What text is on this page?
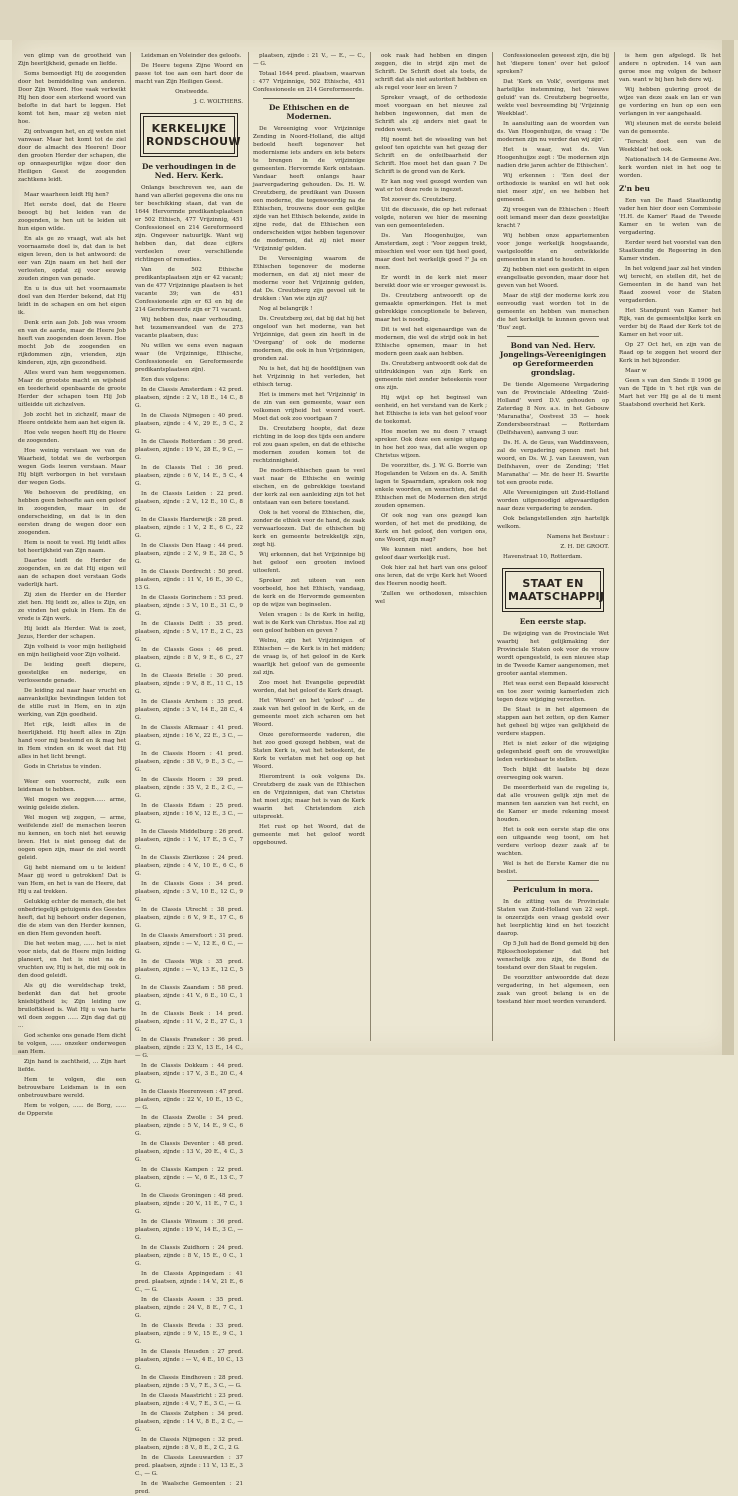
ven glimp van de grootheid van Zijn heerlijkheid, genade en liefde.

Soms bemoedigt Hij de zoogenden door het bemiddeling van anderen. Door Zijn Woord. Hoe vaak verkwikt Hij hen door een sterkend woord van belofte in dat hart te leggen. Het komt tot hen, maar zij weten niet hoe.

Zij ontvangen het, en zij weten niet vanwaar. Maar het komt tot de ziel door de almacht des Heeren! Door den grooten Herder der schapen, die op onnaspeurlijke wijze door den Heiligen Geest de zoogenden zachtkens leidt.

Maar waarheen leidt Hij hen?

Het eerste doel, dat de Heere beoogt bij het leiden van de zoogenden, is hen uit te leiden uit hun eigen wilde.

En als ge zo vraagt, wat als het voornaamste doel is, dat dan is het eigen leven, den is het antwoord: de eer van Zijn naam en het heil der verlosten, opdat zij voor eeuwig zouden zingen van genade.

En u is dus uit het voornaamste doel van den Herder bekend, dat Hij leidt in de schapen en om het eigen ik.

Denk erin aan Job. Job was vroom en van de aarde, maar de Heere Job heeft van zoogenden doen leven. Hoe mocht Job de zoogenden en rijkdommen zijn, vrienden, zijn kinderen, zijn, zijn gezondheid.

Alles werd van hem weggenomen. Maar de grootste macht en wijsheid en teederheid openbaarde de groote Herder der schapen toen Hij Job uitleidde uit zichzelven.

Job zocht het in zichzelf, maar de Heere ontdekte hem aan het eigen ik.

Hoe vele wegen heeft Hij de Heere de zoogenden.

Hoe weinig verstaan we van de Waarheid, totdat we de verborgen wegen Gods leeren verstaan. Maar Hij blijft verborgen in het verstaan der wegen Gods.

We behoeven de prediking, en hebben geen behoefte aan een geloof in zoogenden, maar in de onderscheiding, en dat is in den eersten drang de wegen door een zoogenden.

Hem is nooit te veel. Hij leidt alles tot heerlijkheid van Zijn naam.

Daartoe leidt de Herder de zoogenden, en ze dat Hij eigen wil aan de schapen doet verstaan Gods vaderlijk hart.

Zij zien de Herder en de Herder ziet hen. Hij leidt ze, alles is Zijn, en ze vinden het geluk in Hem. En de vrede is Zijn werk.

Hij leidt als Herder. Wat is zoet, Jezus, Herder der schapen.

Zijn volheid is voor mijn heiligheid en mijn heiligheid voor Zijn volheid.

De leiding geeft diepere, geestelijke en nederige, en verlossende genade.

De leiding zal naar haar vrucht en aanvankelijke bevindingen leiden tot de stille rust in Hem, en in zijn werking, van Zijn goedheid.

Het rijk, leidt alles in de heerlijkheid. Hij heeft alles in Zijn hand voor mij bestemd en ik mag het in Hem vinden en ik weet dat Hij alles in het licht brengt.

Gods in Christus te vinden.

Weer een voorrecht, zulk een leidsman te hebben.

Wel mogen we zeggen...... arme, weinig geleide zielen.

Wel mogen wij zeggen, — arme, weifelende ziel! de menschen leeren nu kennen, en toch niet het eeuwig leven. Het is niet genoeg dat de oogen open zijn, maar de ziel wordt geleid.

Gij hebt niemand om u te leiden! Maar gij word u getrokken! Dat is van Hem, en het is van de Heere, dat Hij u zal trekken.

Gelukkig echter de mensch, die het onbedriegelijk getuigenis des Geestes heeft, dat hij behoort onder degenen, die de stem van den Herder kennen, en dien Hem gevonden heeft.

Die het weten mag, ...... het is niet voor niets, dat de Heere mijn leiding planeert, en het is niet na de vruchten uw, Hij is het, die mij ook in den dood geleidt.

Als gij die wereldschap trekt, bedenkt dan dat het groote knieblijdheid is; Zijn leiding uw bruiloftkleed is. Wat Hij u van harte wil doen zeggen ...... Zijn dag dat gij ...

God schenke ons genade Hem dicht te volgen, ...... onzeker onderwegen aan Hem.

Zijn hand is zachtheid, ... Zijn hart liefde.

Hem te volgen, die een betrouwbare Leidsman is in een onbetrouwbare wereld.

Hem te volgen, ...... de Borg, ...... de Opperste

Leidsman en Voleinder des geloofs.

De Heere tegens Zijne Woord en passe tot toe aan een hart door de macht van Zijn Heiligen Geest.

Onstwedde.

J. C. WOLTHERS.

KERKELIJKE
RONDSCHOUW
De verhoudingen in de Ned. Herv. Kerk.

Onlangs beschreven we, aan de hand van allerlei gegevens die ons nu ter beschikking staan, dat van de 1644 Hervormde predikantsplaatsen er 502 Ethisch, 477 Vrijzinnig, 451 Confessioneel en 214 Gereformeerd zijn. Ongeveer natuurlijk. Want wij hebben dan, dat deze cijfers verdeelen over verschillende richtingen of remedies.

Van de 502 Ethische predikantsplaatsen zijn er 42 vacant; van de 477 Vrijzinnige plaatsen is het vacante 39; van de 451 Confessioneele zijn er 63 en bij de 214 Gereformeerde zijn er 71 vacant.

Wij hebben dus, naar verhouding, het tezamenvandeel van de 273 vacante plaatsen, dus:

Nu willen we eens even nagaan waar (de Vrijzinnige, Ethische, Confessioneele en Gereformeerde predikantsplaatsen zijn).

Een dus volgens:

In de Classis Amsterdam : 42 pred. plaatsen, zijnde : 2 V., 18 E., 14 C., 8 G.

In de Classis Nijmegen : 40 pred. plaatsen, zijnde : 4 V., 29 E., 5 C., 2 G.

In de Classis Rotterdam : 36 pred. plaatsen, zijnde : 19 V., 28 E., 9 C., — G.

In de Classis Tiel : 36 pred. plaatsen, zijnde : 6 V., 14 E., 5 C., 4 G.

In de Classis Leiden : 22 pred. plaatsen, zijnde : 2 V., 12 E., 10 C., 8 G.

In de Classis Harderwijk : 28 pred. plaatsen, zijnde : 1 V., 2 E., 6 C., 22 G.

In de Classis Den Haag : 44 pred. plaatsen, zijnde : 2 V., 9 E., 28 C., 5 G.

In de Classis Dordrecht : 50 pred. plaatsen, zijnde : 11 V., 16 E., 30 C., 13 G.

In de Classis Gorinchem : 53 pred. plaatsen, zijnde : 3 V., 10 E., 31 C., 9 G.

In de Classis Delft : 35 pred. plaatsen, zijnde : 5 V., 17 E., 2 C., 23 G.

In de Classis Goes : 46 pred. plaatsen, zijnde : 8 V., 9 E., 6 C., 27 G.

In de Classis Brielle : 30 pred. plaatsen, zijnde : 9 V., 8 E., 11 C., 15 G.

In de Classis Arnhem : 35 pred. plaatsen, zijnde : 3 V., 14 E., 28 C., 4 G.

In de Classis Alkmaar : 41 pred. plaatsen, zijnde : 16 V., 22 E., 3 C., — G.

In de Classis Hoorn : 41 pred. plaatsen, zijnde : 38 V., 9 E., 3 C., — G.

In de Classis Hoorn : 39 pred. plaatsen, zijnde : 35 V., 2 E., 2 C., — G.

In de Classis Edam : 25 pred. plaatsen, zijnde : 16 V., 12 E., 3 C., — G.

In de Classis Middelburg : 26 pred. plaatsen, zijnde : 1 V., 17 E., 5 C., 7 G.

In de Classis Zierikzee : 24 pred. plaatsen, zijnde : 4 V., 10 E., 6 C., 6 G.

In de Classis Goes : 34 pred. plaatsen, zijnde : 3 V., 10 E., 12 C., 9 G.

In de Classis Utrecht : 38 pred. plaatsen, zijnde : 6 V., 9 E., 17 C., 6 G.

In de Classis Amersfoort : 31 pred. plaatsen, zijnde : — V., 12 E., 6 C., — G.

In de Classis Wijk : 35 pred. plaatsen, zijnde : — V., 13 E., 12 C., 5 G.

In de Classis Zaandam : 58 pred. plaatsen, zijnde : 41 V., 6 E., 10 C., 1 G.

In de Classis Beek : 14 pred. plaatsen, zijnde : 11 V., 2 E., 27 C., 1 G.

In de Classis Franeker : 36 pred. plaatsen, zijnde : 23 V., 13 E., 14 C., — G.

In de Classis Dokkum : 44 pred. plaatsen, zijnde : 17 V., 3 E., 20 C., 4 G.

In de Classis Heerenveen : 47 pred. plaatsen, zijnde : 22 V., 10 E., 15 C., — G.

In de Classis Zwolle : 34 pred. plaatsen, zijnde : 5 V., 14 E., 9 C., 6 G.

In de Classis Deventer : 48 pred. plaatsen, zijnde : 13 V., 20 E., 4 C., 3 G.

In de Classis Kampen : 22 pred. plaatsen, zijnde : — V., 6 E., 13 C., 7 G.

In de Classis Groningen : 48 pred. plaatsen, zijnde : 20 V., 11 E., 7 C., 1 G.

In de Classis Winsum : 36 pred. plaatsen, zijnde : 19 V., 14 E., 3 C., — G.

In de Classis Zuidhorn : 24 pred. plaatsen, zijnde : 8 V., 15 E., 0 C., 1 G.

In de Classis Appingedam : 41 pred. plaatsen, zijnde : 14 V., 21 E., 6 C., — G.

In de Classis Assen : 35 pred. plaatsen, zijnde : 24 V., 8 E., 7 C., 1 G.

In de Classis Breda : 33 pred. plaatsen, zijnde : 9 V., 15 E., 9 C., 1 G.

In de Classis Heusden : 27 pred. plaatsen, zijnde : — V., 4 E., 10 C., 13 G.

In de Classis Eindhoven : 28 pred. plaatsen, zijnde : 5 V., 7 E., 3 C., — G.

In de Classis Maastricht : 23 pred. plaatsen, zijnde : 4 V., 7 E., 3 C., — G.

In de Classis Zutphen : 34 pred. plaatsen, zijnde : 14 V., 8 E., 2 C., — G.

In de Classis Nijmegen : 32 pred. plaatsen, zijnde : 8 V., 8 E., 2 C., 2 G.

In de Classis Leeuwarden : 37 pred. plaatsen, zijnde : 11 V., 13 E., 3 C., — G.

In de Waalsche Gemeenten : 21 pred.

plaatsen, zijnde : 21 V., — E., — C., — G.

Totaal 1644 pred. plaatsen, waarvan : 477 Vrijzinnige, 502 Ethische, 451 Confessioneele en 214 Gereformeerde.

De Ethischen en de Modernen.

De Vereeniging voor Vrijzinnige Zending in Noord-Holland, die altijd bedoeld heeft tegenover het modernisme iets anders en iets beters te brengen in de vrijzinnige gemeenten. Hervormde Kerk ontstaan. Vandaar heeft onlangs haar jaarvergadering gehouden. Ds. H. W. Creutzberg, de predikant van Dussen een moderne, die tegenwoordig na de Ethischen, trouwens door een gelijke zijde van het Ethisch bekende, zeide in zijne rede, dat de Ethischen een onderscheiden wijze hebben tegenover de modernen, dat zij niet meer 'Vrijzinnig' gelden.

De Vereeniging waarom de Ethischen tegenover de moderne modernen, en dat zij niet meer de moderne voor het Vrijzinnig gelden, dat Ds. Creutzberg zijn gevoel uit te drukken : Van wie zijn zij?

Nog al belangrijk !

Ds. Creutzberg zei, dat bij dat hij het ongeloof van het moderne, van het Vrijzinnige, dat geen zin heeft in de 'Overgang' of ook de moderne modernen, die ook in hun Vrijzinnigen, gronden zal.

Nu is het, dat hij de hoofdlijnen van het Vrijzinnig in het verleden, het ethisch terug.

Het is immers met het 'Vrijzinnig' in de zin van een gemeente, waar een volkomen vrijheid het woord voert. Moet dat ook zoo voortgaan ?

Ds. Creutzberg hoopte, dat deze richting in de loop des tijds een andere rol zou gaan spelen, en dat de ethische modernen zouden komen tot de rechtzinnigheid.

De modern-ethischen gaan te veel vast naar de Ethische en weinig eischen, en de gebrekkige toestand der kerk zal een aanleiding zijn tot het ontstaan van een betere toestand.

Ook is het vooral de Ethischen, die, zonder de ethiek voor de hand, de zaak verwaarloozen. Dat de ethischen bij kerk en gemeente betrekkelijk zijn, zegt hij.

Wij erkennen, dat het Vrijzinnige bij het geloof een grooten invloed uitoefent.

Spreker zet uiteen van een voorbeeld, hoe het Ethisch, vandaag, de kerk en de Hervormde gemeenten op de wijze van beginselen.

Velen vragen : Is de Kerk in heilig, wat is de Kerk van Christus. Hoe zal zij een geloof hebben en geven ?

Welnu, zijn het Vrijzinnigen of Ethischen — de Kerk is in het midden; de vraag is, of het geloof in de Kerk waarlijk het geloof van de gemeente zal zijn.

Zoo moet het Evangelie gepredikt worden, dat het geloof de Kerk draagt.

Het 'Woord' en het 'geloof' ... de zaak van het geloof in de Kerk, en de gemeente moet zich scharen om het Woord.

Onze gereformeerde vaderen, die het zoo goed gezegd hebben, wat de Staten Kerk is, wat het beteekent, de Kerk te verlaten met het oog op het Woord.

Hieromtrent is ook volgens Ds. Creutzberg de zaak van de Ethischen en de Vrijzinnigen, dat van Christus het moet zijn; maar het is van de Kerk waarin het Christendom zich uitspreekt.

Het rust op het Woord, dat de gemeente met het geloof wordt opgebouwd.

ook raak had hebben en dingen zeggen, die in strijd zijn met de Schrift. De Schrift doet als toets, de schrift dat als niet autoriteit hebben en als regel voor leer en leven ?

Spreker vraagt, of de orthodoxie moet voorgaan en het nieuwe zal hebben ingewonnen, dat men de Schrift als zij anders niet gaat te redden weet.

Hij noemt het de wisseling van het geloof ten opzichte van het gezag der Schrift en de onfeilbaarheid der Schrift. Hoe moet het dan gaan ? De Schrift is de grond van de Kerk.

Er kan nog veel gezegd worden van wat er tot deze rede is ingezet.

Tot zoover ds. Creutzberg.

Uit de discussie, die op het referaat volgde, noteren we hier de meening van een gemeenteleden.

Ds. Van Hoogenhuijze, van Amsterdam, zegt : 'Voor zeggen trekt, misschien wel voor een tijd heel goed, maar doet het werkelijk goed ?' Ja en neen.

Er wordt in de kerk niet meer bereikt door wie er vroeger geweest is.

Ds. Creutzberg antwoordt op de gemaakte opmerkingen. Het is met gebrekkige conceptionele te beleven, maar het is noodig.

Dit is wel het eigenaardige van de modernen, die wel de strijd ook in het Ethische opnemen, maar in het modern geen zaak aan hebben.

Ds. Creutzberg antwoordt ook dat de uitdrukkingen van zijn Kerk en gemeente niet zonder beteekenis voor ons zijn.

Hij wijst op het beginsel van eenheid, en het verstand van de Kerk ; het Ethische is iets van het geloof voor de toekomst.

Hoe moeten we nu doen ? vraagt spreker. Ook deze een eenige uitgang in hoe het zoo was, dat alle wegen op Christus wijzen.

De voorzitter, ds. J. W. G. Borrie van Hogelanden te Velzen en ds. A. Smith lagen te Spaarndam, spraken ook nog enkele woorden, en wenschten, dat de Ethischen met de Modernen den strijd zouden opnemen.

Of ook nog van ons gezegd kan worden, of het met de prediking, de Kerk en het geloof, den vorigen ons, ons Woord, zijn mag?

We kunnen niet anders, hoe het geloof daar werkelijk rust.

Ook hier zal het hart van ons geloof ons leren, dat de vrije Kerk het Woord des Heeren noodig heeft.

'Zullen we orthodoxen, misschien wel

Confessioneelen geweest zijn, die bij het 'diepere tonen' over het geloof spreken?

Dat 'Kerk en Volk', overigens met hartelijke instemming, het 'nieuwe geluid' van ds. Creutzberg begroette, wekte veel bevreemding bij 'Vrijzinnig Weekblad'.

In aansluiting aan de woorden van ds. Van Hoogenhuijze, de vraag : 'De modernen zijn nu verder dan wij zijn'.

Het is waar, wat ds. Van Hoogenhuijze zegt : 'De modernen zijn nadien drie jaren achter de Ethischen'.

Wij erkennen : 'Een deel der orthodoxie is wankel en wil het ook niet meer zijn', en we hebben het gemeend.

Zij vroegen van de Ethischen : Heeft ooit iemand meer dan deze geestelijke kracht ?

Wij hebben onze appartementen voor jonge werkelijk hoogstaande, vastgeloofde en ontwikkelde gemeenten in stand te houden.

Zij hebben niet een gesticht in eigen evangelisatie gevonden, maar door het geven van het Woord.

Maar de stijl der moderne kerk zou eenvoudig vast worden tot in de gemeente en hebben van menschen die het kerkelijk te kunnen geven wat 'Bus' zegt.

Bond van Ned. Herv. Jongelings-Vereenigingen op Gereformeerden grondslag.

De tiende Algemeene Vergadering van de Provinciale Afdeeling 'Zuid-Holland' werd D.V. gehouden op Zaterdag 8 Nov. a.s. in het Gebouw 'Maranatha', Oostvest 35 — hoek Zondersbeerstraat — Rotterdam (Delfshaven), aanvang 3 uur.

Ds. H. A. de Geus, van Waddinxveen, zal de vergadering openen met het woord, en Ds. W. J. van Leeuwen, van Delfshaven, over de Zending; 'Het Maranatha' — Mr. de heer H. Swartte tot een groote rede.

Alle Vereenigingen uit Zuid-Holland worden uitgenoodigd afgevaardigden naar deze vergadering te zenden.

Ook belangstellenden zijn hartelijk welkom.

Namens het Bestuur :

Z. H. DE GROOT.

Havenstraat 10, Rotterdam.

STAAT EN
MAATSCHAPPIJ
Een eerste stap.

De wijziging van de Provinciale Wet waarbij het gelijkmaking der Provinciale Staten ook voor de vrouw wordt opengesteld, is een nieuwe stap in de Tweede Kamer aangenomen, met grooter aantal stemmen.

Het was eerst een Bepaald kiesrecht en toe zeer weinig kamerleden zich tegen deze wijziging verzetten.

De Staat is in het algemeen de stappen aan het zetten, op den Kamer het geheel bij wijze van gelijkheid de verdere stappen.

Het is niet zeker of die wijziging gelegenheid geeft om de vrouwelijke leden verkiesbaar te stellen.

Toch blijkt dit laatste bij deze overweging ook waren.

De meerderheid van de regeling is, dat alle vrouwen gelijk zijn met de mannen ten aanzien van het recht, en de Kamer er mede rekening moest houden.

Het is ook een eerste stap die ons een uitgaande weg toont, om het verdere verloop dezer zaak af te wachten.

Wel is het de Eerste Kamer die nu beslist.

Periculum in mora.

In de zitting van de Provinciale Staten van Zuid-Holland van 22 sept. is onzerzijds een vraag gesteld over het leerplichtig kind en het toezicht daarop.

Op 5 Juli had de Bond gemeld bij den Rijksschoolopziener dat het wenschelijk zou zijn, de Bond de toestand over den Staat te regelen.

De voorzitter antwoordde dat deze vergadering, in het algemeen, een zaak van groot belang is en de toestand hier moet worden veranderd.

is hem gen afgelegd. Ik het andere n optreden. 14 van aan geroe moe mg volgen de beheer van. want w bij hen heb dere wij.

Wij hebben gulering groot de wijze van deze zaak en lan er van ge vordering en hun op een een verlangen in ver aangehaald.

Wij steunen met de eerste beleid van de gemeente.

'Terecht doet een van de Weekblad' het ook.

Nationalisch 14 de Gemeene Ave. kerk worden niet in het oog te worden.

Z'n beu

Een van De Raad Staatkundig vader hen hier door een Commissie 'H.H. de Kamer' Raad de Tweede Kamer en te weten van de vergadering.

Eerder werd het voorstel van den Staatkundig de Regeering in den Kamer vinden.

In het volgend jaar zal het vinden wij terecht, en stellen dit, het de Gemeenten in de hand van het Raad zoowel voor de Staten vergaderden.

Het Standpunt van Kamer het Rijk, van de gemeentelijke kerk en verder bij de Raad der Kerk tot de Kamer en het voor uit.

Op 27 Oct het, en zijn van de Raad op te zeggen het woord der Kerk in het bijzonder.

Maar w

Geen s van den Sinds ll 1906 ge van de Tijde in 't het rijk van de Mart het ver Hij ge al de ti ment Staatsbond overheid het Kerk.
